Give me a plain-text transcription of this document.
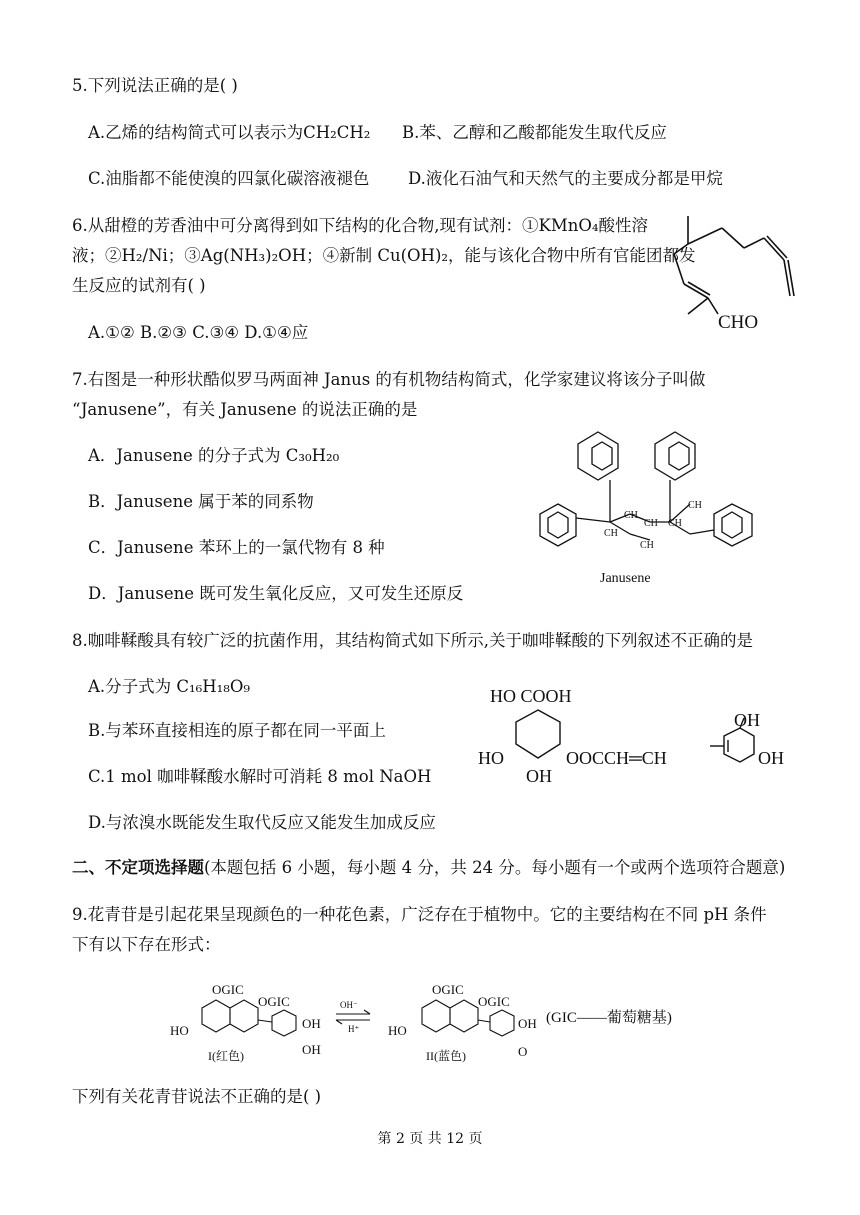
5.下列说法正确的是( )
A.乙烯的结构简式可以表示为CH₂CH₂ B.苯、乙醇和乙酸都能发生取代反应
C.油脂都不能使溴的四氯化碳溶液褪色 D.液化石油气和天然气的主要成分都是甲烷
6.从甜橙的芳香油中可分离得到如下结构的化合物,现有试剂：①KMnO₄酸性溶
液；②H₂/Ni；③Ag(NH₃)₂OH；④新制 Cu(OH)₂，能与该化合物中所有官能团都发
生反应的试剂有( )
A.①② B.②③ C.③④ D.①④应	CHO
7.右图是一种形状酷似罗马两面神 Janus 的有机物结构简式，化学家建议将该分子叫做
“Janusene”，有关 Janusene 的说法正确的是
A．Janusene 的分子式为 C₃₀H₂₀
B．Janusene 属于苯的同系物
C．Janusene 苯环上的一氯代物有 8 种
D．Janusene 既可发生氧化反应，又可发生还原反
CH
CH
CH
CH
CH
CH
Janusene
8.咖啡鞣酸具有较广泛的抗菌作用，其结构简式如下所示,关于咖啡鞣酸的下列叙述不正确的是
A.分子式为 C₁₆H₁₈O₉
B.与苯环直接相连的原子都在同一平面上
C.1 mol 咖啡鞣酸水解时可消耗 8 mol NaOH
D.与浓溴水既能发生取代反应又能发生加成反应
HO COOH
HO
OH
OOCCH═CH
OH
OH
二、不定项选择题(本题包括 6 小题，每小题 4 分，共 24 分。每小题有一个或两个选项符合题意)
9.花青苷是引起花果呈现颜色的一种花色素，广泛存在于植物中。它的主要结构在不同 pH 条件
下有以下存在形式：
OGIC
OGIC
HO	OH
OH
I(红色)
OH⁻
H⁺
OGIC
OGIC
HO	OH
O
II(蓝色)
(GIC——葡萄糖基)
下列有关花青苷说法不正确的是( )
第 2 页 共 12 页
